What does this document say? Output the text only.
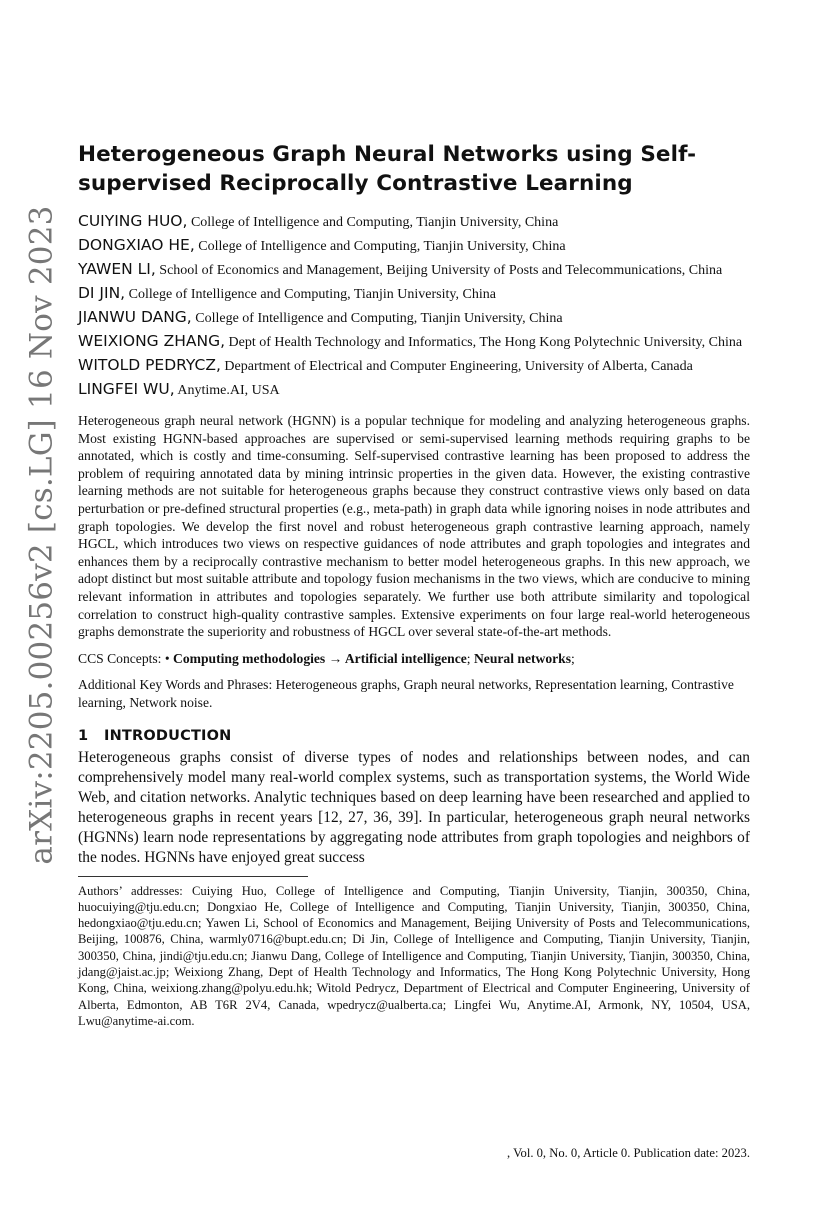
arXiv:2205.00256v2 [cs.LG] 16 Nov 2023
Heterogeneous Graph Neural Networks using Self-supervised Reciprocally Contrastive Learning
CUIYING HUO, College of Intelligence and Computing, Tianjin University, China
DONGXIAO HE, College of Intelligence and Computing, Tianjin University, China
YAWEN LI, School of Economics and Management, Beijing University of Posts and Telecommunications, China
DI JIN, College of Intelligence and Computing, Tianjin University, China
JIANWU DANG, College of Intelligence and Computing, Tianjin University, China
WEIXIONG ZHANG, Dept of Health Technology and Informatics, The Hong Kong Polytechnic University, China
WITOLD PEDRYCZ, Department of Electrical and Computer Engineering, University of Alberta, Canada
LINGFEI WU, Anytime.AI, USA

Heterogeneous graph neural network (HGNN) is a popular technique for modeling and analyzing heterogeneous graphs. Most existing HGNN-based approaches are supervised or semi-supervised learning methods requiring graphs to be annotated, which is costly and time-consuming. Self-supervised contrastive learning has been proposed to address the problem of requiring annotated data by mining intrinsic properties in the given data. However, the existing contrastive learning methods are not suitable for heterogeneous graphs because they construct contrastive views only based on data perturbation or pre-defined structural properties (e.g., meta-path) in graph data while ignoring noises in node attributes and graph topologies. We develop the first novel and robust heterogeneous graph contrastive learning approach, namely HGCL, which introduces two views on respective guidances of node attributes and graph topologies and integrates and enhances them by a reciprocally contrastive mechanism to better model heterogeneous graphs. In this new approach, we adopt distinct but most suitable attribute and topology fusion mechanisms in the two views, which are conducive to mining relevant information in attributes and topologies separately. We further use both attribute similarity and topological correlation to construct high-quality contrastive samples. Extensive experiments on four large real-world heterogeneous graphs demonstrate the superiority and robustness of HGCL over several state-of-the-art methods.

CCS Concepts: • Computing methodologies → Artificial intelligence; Neural networks;

Additional Key Words and Phrases: Heterogeneous graphs, Graph neural networks, Representation learning, Contrastive learning, Network noise.

1 INTRODUCTION

Heterogeneous graphs consist of diverse types of nodes and relationships between nodes, and can comprehensively model many real-world complex systems, such as transportation systems, the World Wide Web, and citation networks. Analytic techniques based on deep learning have been researched and applied to heterogeneous graphs in recent years [12, 27, 36, 39]. In particular, heterogeneous graph neural networks (HGNNs) learn node representations by aggregating node attributes from graph topologies and neighbors of the nodes. HGNNs have enjoyed great success

Authors’ addresses: Cuiying Huo, College of Intelligence and Computing, Tianjin University, Tianjin, 300350, China, huocuiying@tju.edu.cn; Dongxiao He, College of Intelligence and Computing, Tianjin University, Tianjin, 300350, China, hedongxiao@tju.edu.cn; Yawen Li, School of Economics and Management, Beijing University of Posts and Telecommunications, Beijing, 100876, China, warmly0716@bupt.edu.cn; Di Jin, College of Intelligence and Computing, Tianjin University, Tianjin, 300350, China, jindi@tju.edu.cn; Jianwu Dang, College of Intelligence and Computing, Tianjin University, Tianjin, 300350, China, jdang@jaist.ac.jp; Weixiong Zhang, Dept of Health Technology and Informatics, The Hong Kong Polytechnic University, Hong Kong, China, weixiong.zhang@polyu.edu.hk; Witold Pedrycz, Department of Electrical and Computer Engineering, University of Alberta, Edmonton, AB T6R 2V4, Canada, wpedrycz@ualberta.ca; Lingfei Wu, Anytime.AI, Armonk, NY, 10504, USA, Lwu@anytime-ai.com.

, Vol. 0, No. 0, Article 0. Publication date: 2023.
